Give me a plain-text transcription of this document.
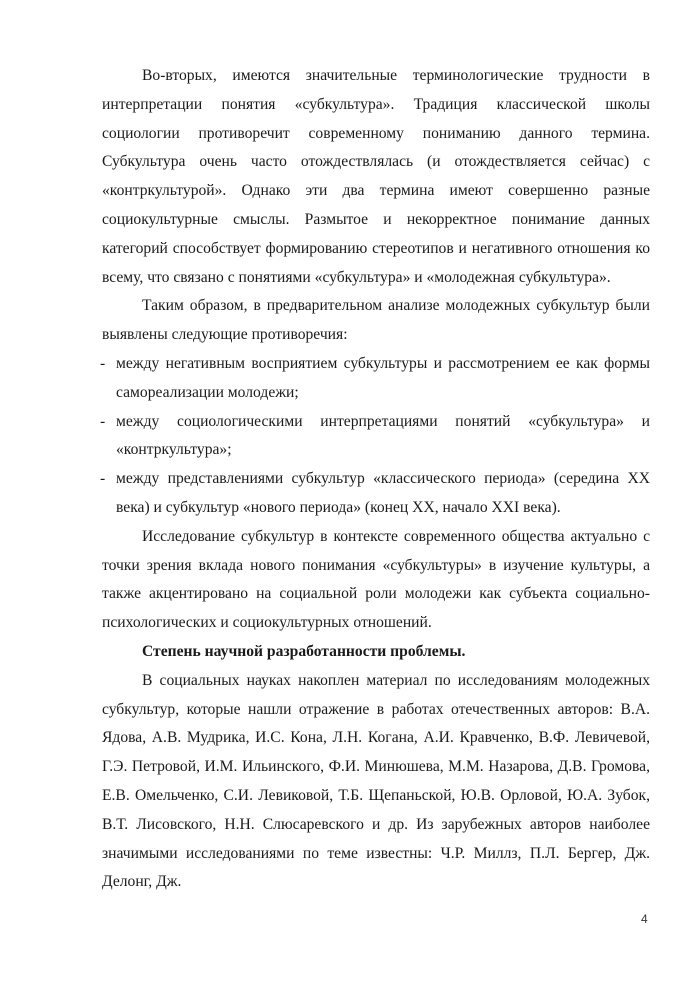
Во-вторых, имеются значительные терминологические трудности в интерпретации понятия «субкультура». Традиция классической школы социологии противоречит современному пониманию данного термина. Субкультура очень часто отождествлялась (и отождествляется сейчас) с «контркультурой». Однако эти два термина имеют совершенно разные социокультурные смыслы. Размытое и некорректное понимание данных категорий способствует формированию стереотипов и негативного отношения ко всему, что связано с понятиями «субкультура» и «молодежная субкультура».

Таким образом, в предварительном анализе молодежных субкультур были выявлены следующие противоречия:

- между негативным восприятием субкультуры и рассмотрением ее как формы самореализации молодежи;
- между социологическими интерпретациями понятий «субкультура» и «контркультура»;
- между представлениями субкультур «классического периода» (середина XX века) и субкультур «нового периода» (конец XX, начало XXI века).

Исследование субкультур в контексте современного общества актуально с точки зрения вклада нового понимания «субкультуры» в изучение культуры, а также акцентировано на социальной роли молодежи как субъекта социально-психологических и социокультурных отношений.

Степень научной разработанности проблемы.

В социальных науках накоплен материал по исследованиям молодежных субкультур, которые нашли отражение в работах отечественных авторов: В.А. Ядова, А.В. Мудрика, И.С. Кона, Л.Н. Когана, А.И. Кравченко, В.Ф. Левичевой, Г.Э. Петровой, И.М. Ильинского, Ф.И. Минюшева, М.М. Назарова, Д.В. Громова, Е.В. Омельченко, С.И. Левиковой, Т.Б. Щепаньской, Ю.В. Орловой, Ю.А. Зубок, В.Т. Лисовского, Н.Н. Слюсаревского и др. Из зарубежных авторов наиболее значимыми исследованиями по теме известны: Ч.Р. Миллз, П.Л. Бергер, Дж. Делонг, Дж.

4
